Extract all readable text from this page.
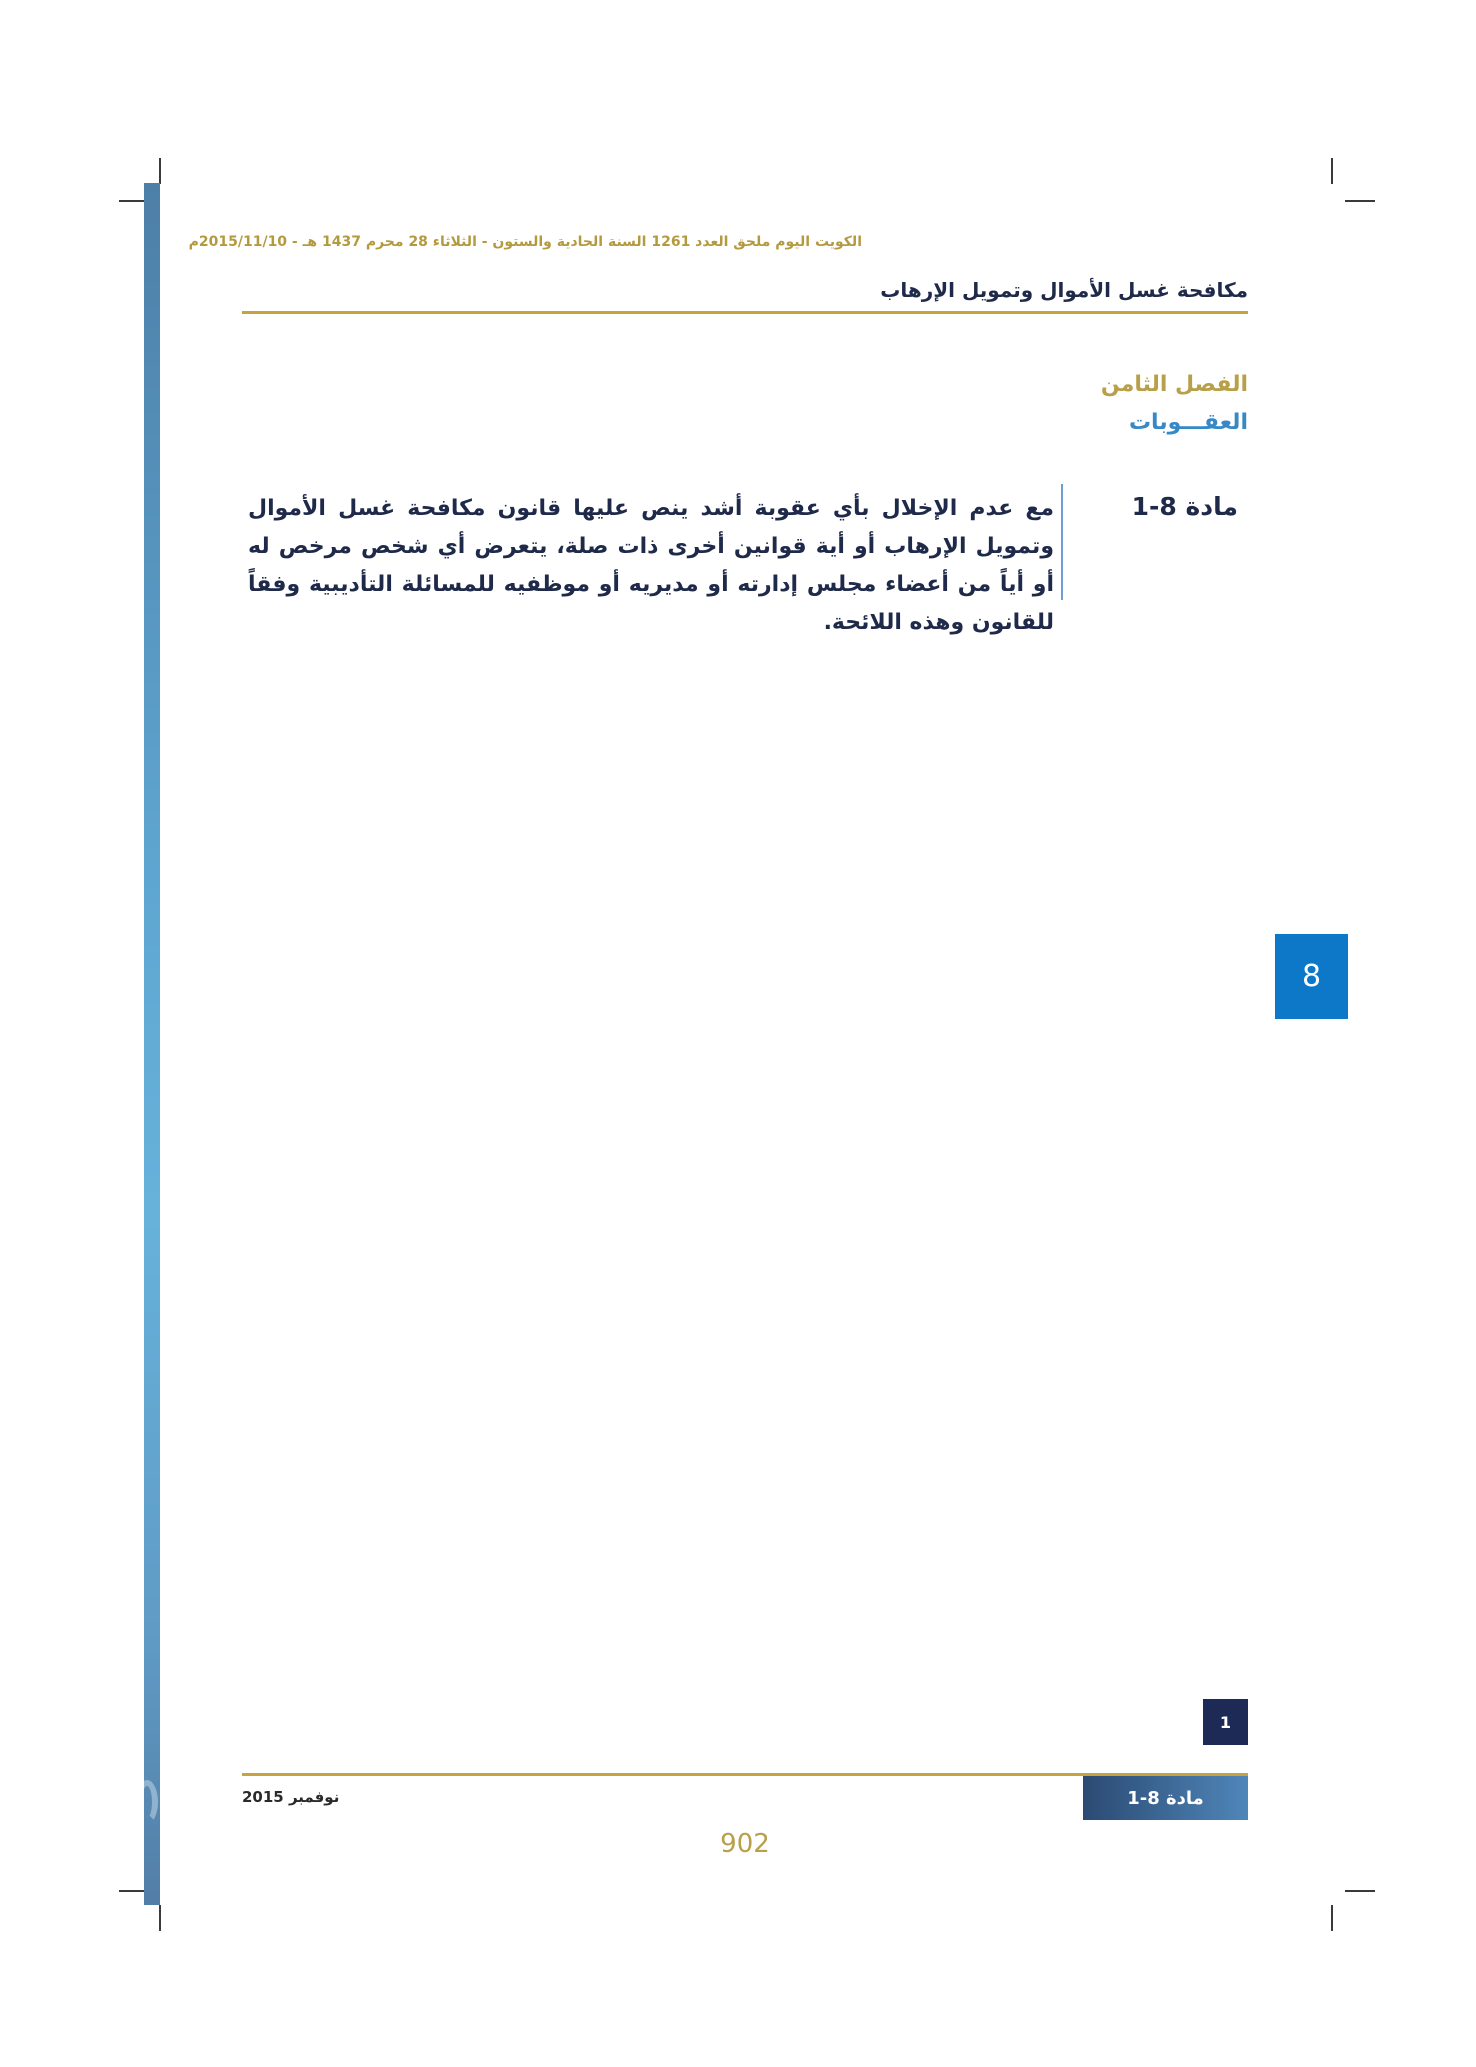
الكويت اليوم ملحق العدد 1261 السنة الحادية والستون - الثلاثاء 28 محرم 1437 هـ - 2015/11/10م
مكافحة غسل الأموال وتمويل الإرهاب
الفصل الثامن
العقـــوبات
مادة 8-1
مع عدم الإخلال بأي عقوبة أشد ينص عليها قانون مكافحة غسل الأموال وتمويل الإرهاب أو أية قوانين أخرى ذات صلة، يتعرض أي شخص مرخص له أو أياً من أعضاء مجلس إدارته أو مديريه أو موظفيه للمسائلة التأديبية وفقاً للقانون وهذه اللائحة.
8
1
مادة 8-1
نوفمبر 2015
902
